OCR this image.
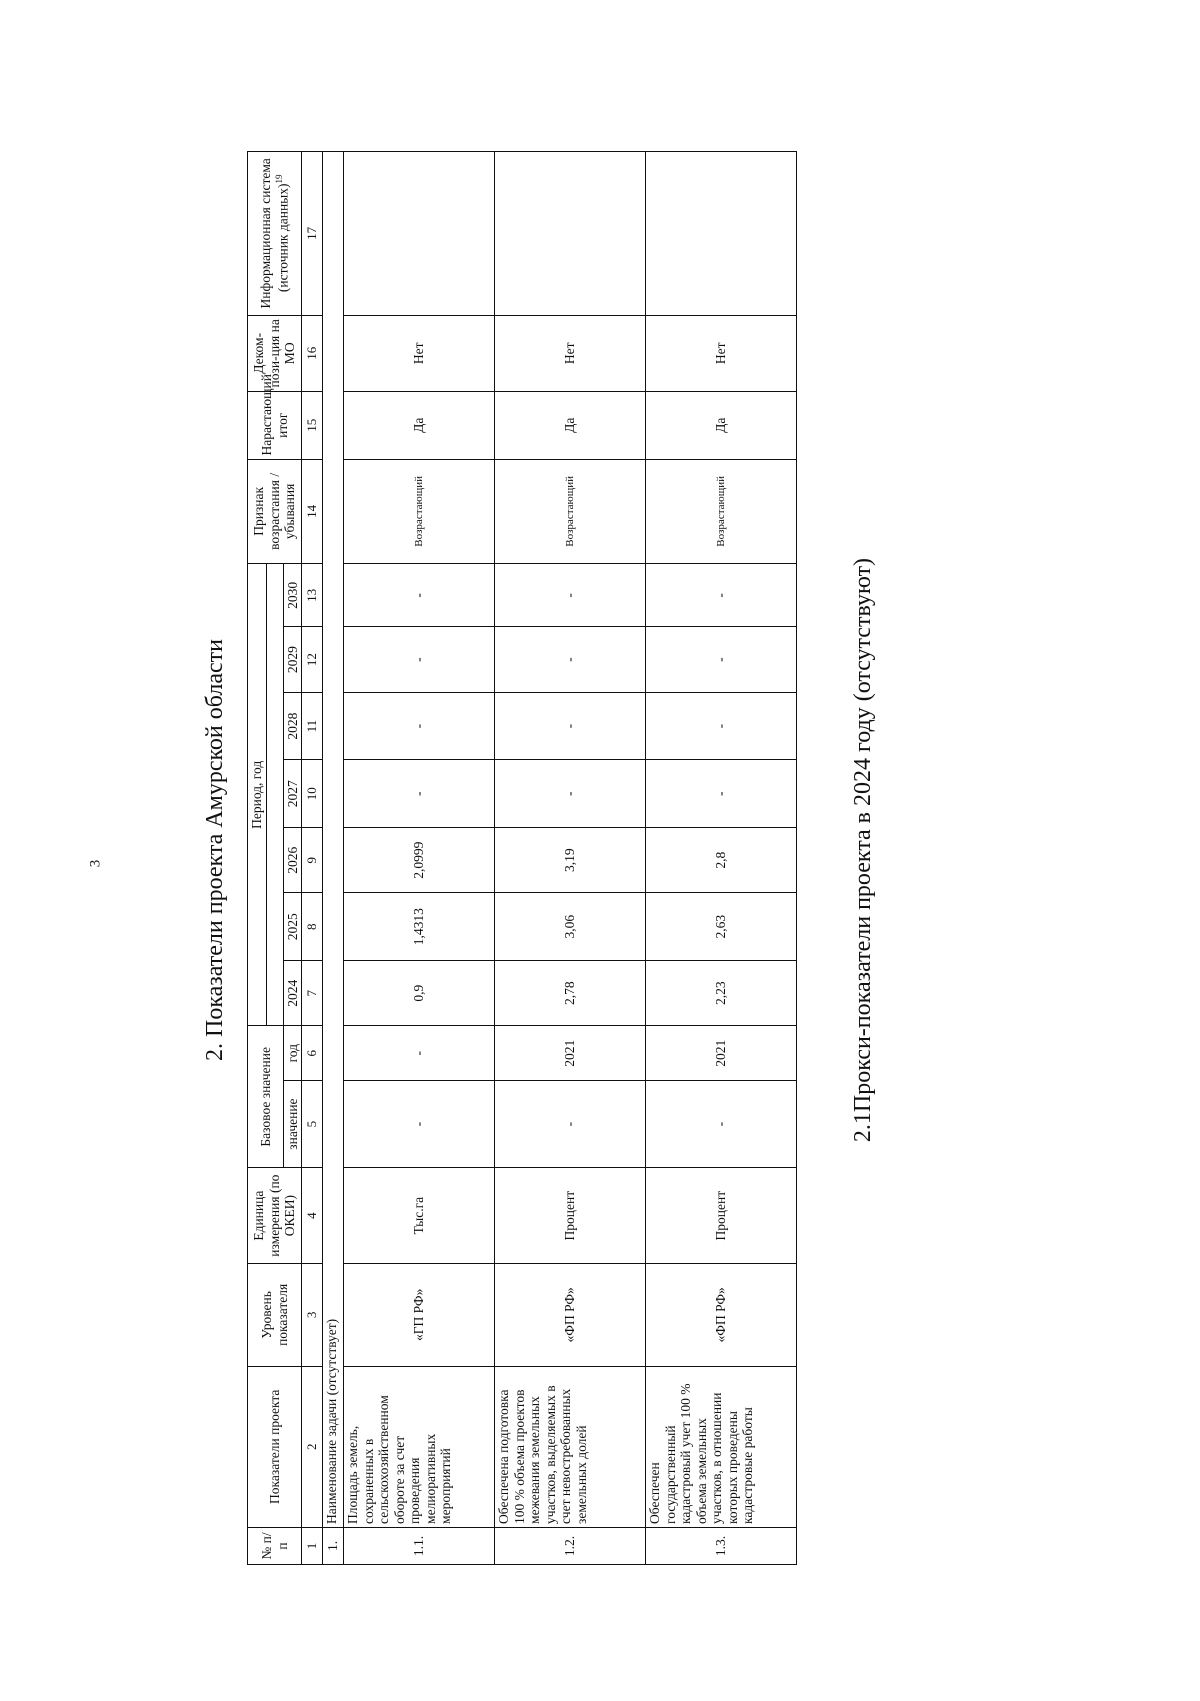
3	2. Показатели проекта Амурской области
№ п/п	Показатели проекта	Уровень показателя	Единица измерения (по ОКЕИ)	Базовое значение		Период, год							Признак возрастания /убывания	Нарастающий итог	Деком-пози-ция на МО	Информационная система (источник данных)$^{19}$

				значение	год	2024	2025	2026	2027	2028	2029	2030				
1	2	3	4	5	6	7	8	9	10	11	12	13	14	15	16	17
1.	Наименование задачи (отсутствует)															
1.1.	Площадь земель, сохраненных в сельскохозяйственном обороте за счет проведения мелиоративных мероприятий	«ГП РФ»	Тыс.га	-	-	0,9	1,4313	2,0999	-	-	-	-	Возрастающий	Да	Нет	
1.2.	Обеспечена подготовка 100 % объема проектов межевания земельных участков, выделяемых в счет невостребованных земельных долей	«ФП РФ»	Процент	-	2021	2,78	3,06	3,19	-	-	-	-	Возрастающий	Да	Нет	
1.3.	Обеспечен государственный кадастровый учет 100 % объема земельных участков, в отношении которых проведены кадастровые работы	«ФП РФ»	Процент	-	2021	2,23	2,63	2,8	-	-	-	-	Возрастающий	Да	Нет	
2.1Прокси-показатели проекта в 2024 году (отсутствуют)
